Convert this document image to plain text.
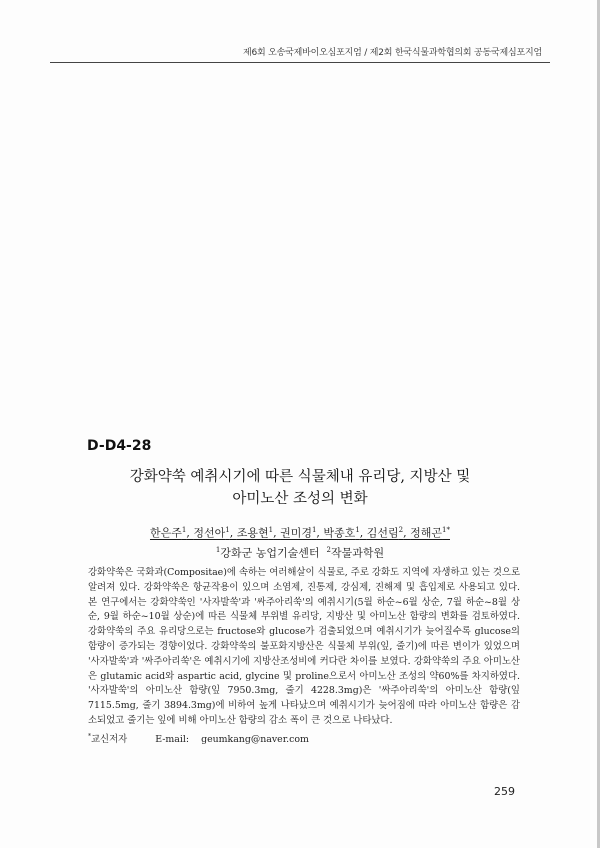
제6회 오송국제바이오심포지엄 / 제2회 한국식물과학협의회 공동국제심포지엄
D-D4-28
강화약쑥 예취시기에 따른 식물체내 유리당, 지방산 및
아미노산 조성의 변화
한은주$^1$, 정선아$^1$, 조용현$^1$, 권미경$^1$, 박종호$^1$, 김선림$^2$, 정해곤$^{1*}$
$^1$강화군 농업기술센터 $^2$작물과학원
강화약쑥은 국화과(Compositae)에 속하는 여러해살이 식물로, 주로 강화도 지역에 자생하고 있는 것으로 알려져 있다. 강화약쑥은 항균작용이 있으며 소염제, 진통제, 강심제, 진해제 및 흡입제로 사용되고 있다. 본 연구에서는 강화약쑥인 '사자발쑥'과 '싸주아리쑥'의 예취시기(5월 하순~6월 상순, 7월 하순~8월 상순, 9월 하순~10월 상순)에 따른 식물체 부위별 유리당, 지방산 및 아미노산 함량의 변화를 검토하였다. 강화약쑥의 주요 유리당으로는 fructose와 glucose가 검출되었으며 예취시기가 늦어질수록 glucose의 함량이 증가되는 경향이었다. 강화약쑥의 불포화지방산은 식물체 부위(잎, 줄기)에 따른 변이가 있었으며 '사자발쑥'과 '싸주아리쑥'은 예취시기에 지방산조성비에 커다란 차이를 보였다. 강화약쑥의 주요 아미노산은 glutamic acid와 aspartic acid, glycine 및 proline으로서 아미노산 조성의 약60%를 차지하였다. '사자발쑥'의 아미노산 함량(잎 7950.3mg, 줄기 4228.3mg)은 '싸주아리쑥'의 아미노산 함량(잎 7115.5mg, 줄기 3894.3mg)에 비하여 높게 나타났으며 예취시기가 늦어짐에 따라 아미노산 함량은 감소되었고 줄기는 잎에 비해 아미노산 함량의 감소 폭이 큰 것으로 나타났다.
*교신저자	E-mail: geumkang@naver.com
259
